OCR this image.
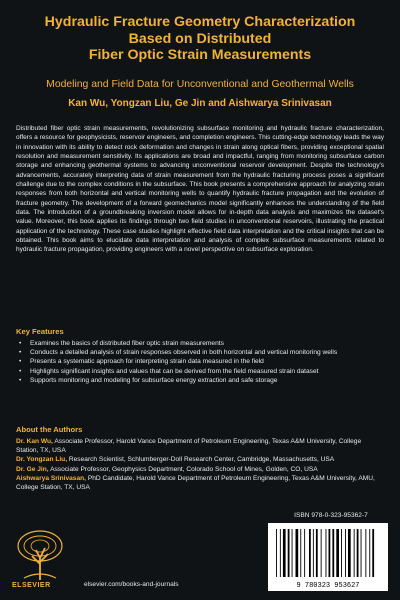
Hydraulic Fracture Geometry Characterization
Based on Distributed
Fiber Optic Strain Measurements
Modeling and Field Data for Unconventional and Geothermal Wells
Kan Wu, Yongzan Liu, Ge Jin and Aishwarya Srinivasan

Distributed fiber optic strain measurements, revolutionizing subsurface monitoring and hydraulic fracture characterization, offers a resource for geophysicists, reservoir engineers, and completion engineers. This cutting-edge technology leads the way in innovation with its ability to detect rock deformation and changes in strain along optical fibers, providing exceptional spatial resolution and measurement sensitivity. Its applications are broad and impactful, ranging from monitoring subsurface carbon storage and enhancing geothermal systems to advancing unconventional reservoir development. Despite the technology's advancements, accurately interpreting data of strain measurement from the hydraulic fracturing process poses a significant challenge due to the complex conditions in the subsurface. This book presents a comprehensive approach for analyzing strain responses from both horizontal and vertical monitoring wells to quantify hydraulic fracture propagation and the evolution of fracture geometry. The development of a forward geomechanics model significantly enhances the understanding of the field data. The introduction of a groundbreaking inversion model allows for in-depth data analysis and maximizes the dataset's value. Moreover, this book applies its findings through two field studies in unconventional reservoirs, illustrating the practical application of the technology. These case studies highlight effective field data interpretation and the critical insights that can be obtained. This book aims to elucidate data interpretation and analysis of complex subsurface measurements related to hydraulic fracture propagation, providing engineers with a novel perspective on subsurface exploration.

Key Features
• Examines the basics of distributed fiber optic strain measurements
• Conducts a detailed analysis of strain responses observed in both horizontal and vertical monitoring wells
• Presents a systematic approach for interpreting strain data measured in the field
• Highlights significant insights and values that can be derived from the field measured strain dataset
• Supports monitoring and modeling for subsurface energy extraction and safe storage
About the Authors
Dr. Kan Wu, Associate Professor, Harold Vance Department of Petroleum Engineering, Texas A&M University, College Station, TX, USA
Dr. Yongzan Liu, Research Scientist, Schlumberger-Doll Research Center, Cambridge, Massachusetts, USA
Dr. Ge Jin, Associate Professor, Geophysics Department, Colorado School of Mines, Golden, CO, USA
Aishwarya Srinivasan, PhD Candidate, Harold Vance Department of Petroleum Engineering, Texas A&M University, AMU, College Station, TX, USA
ELSEVIER	elsevier.com/books-and-journals
ISBN 978-0-323-95362-7
9 780323 953627
